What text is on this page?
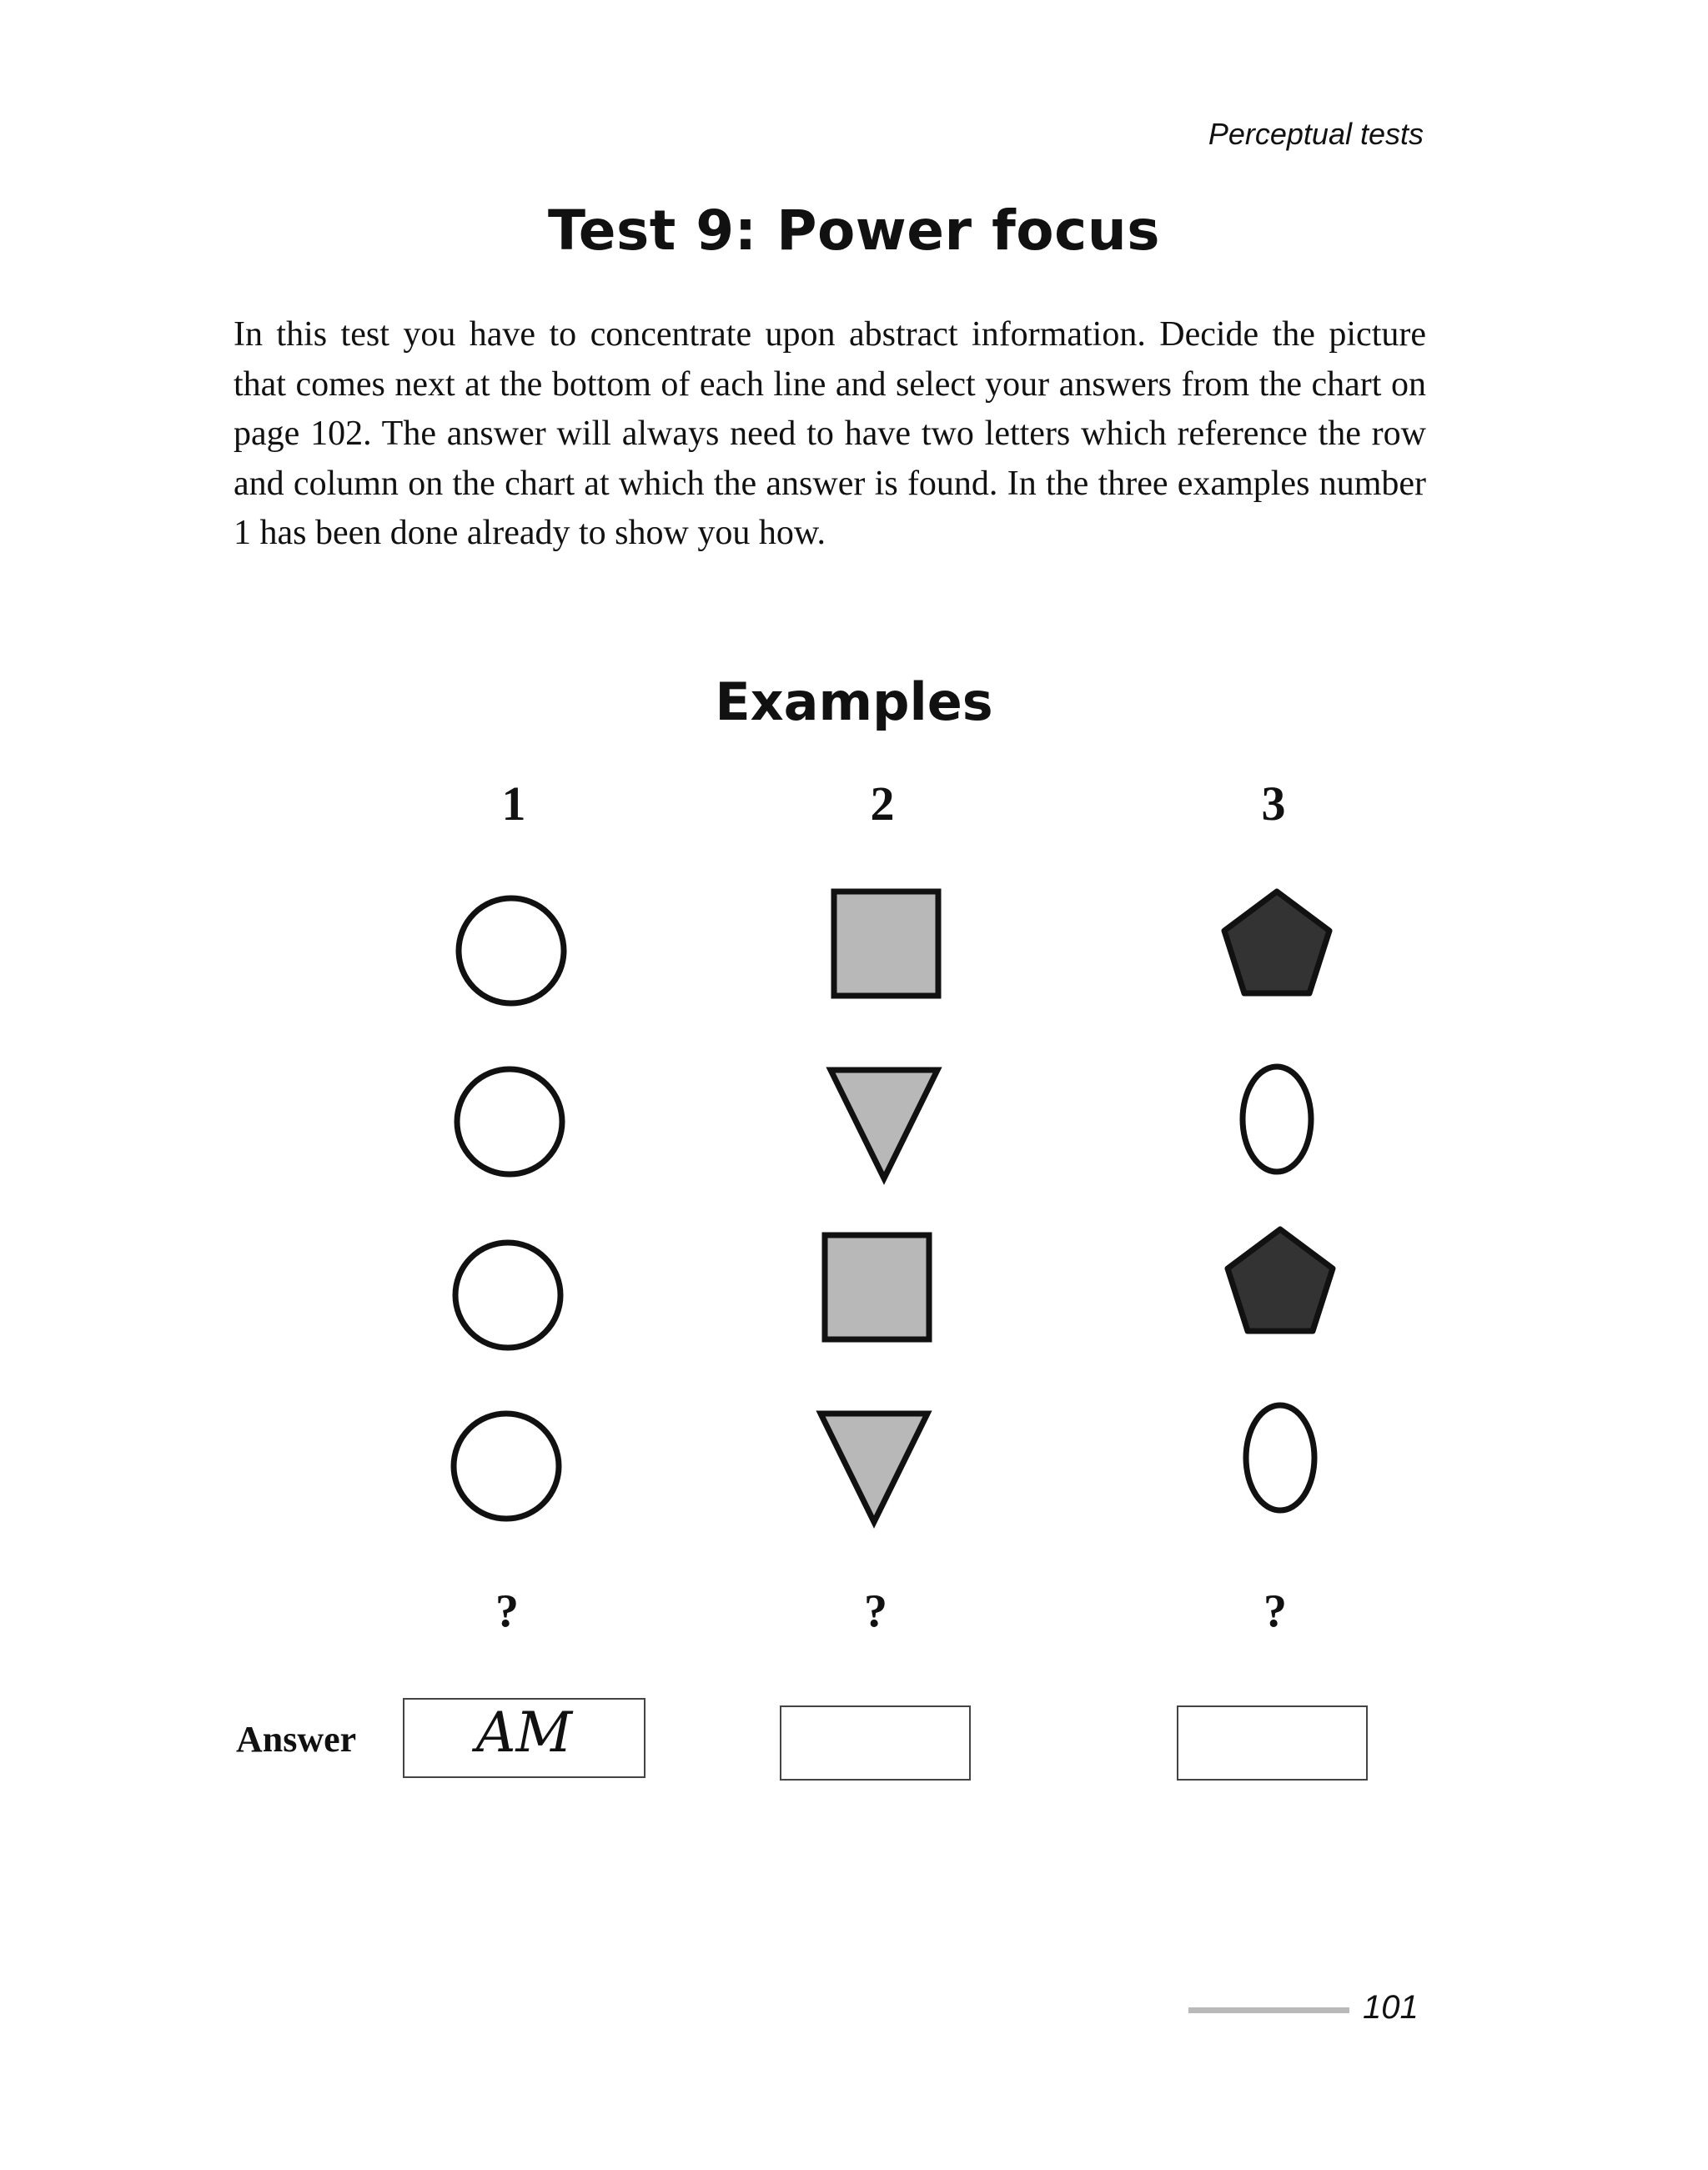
Perceptual tests
Test 9: Power focus

In this test you have to concentrate upon abstract information. Decide the picture that comes next at the bottom of each line and select your answers from the chart on page 102. The answer will always need to have two letters which reference the row and column on the chart at which the answer is found. In the three examples number 1 has been done already to show you how.

Examples
1	2	3
?	?	?
Answer	AM
101
